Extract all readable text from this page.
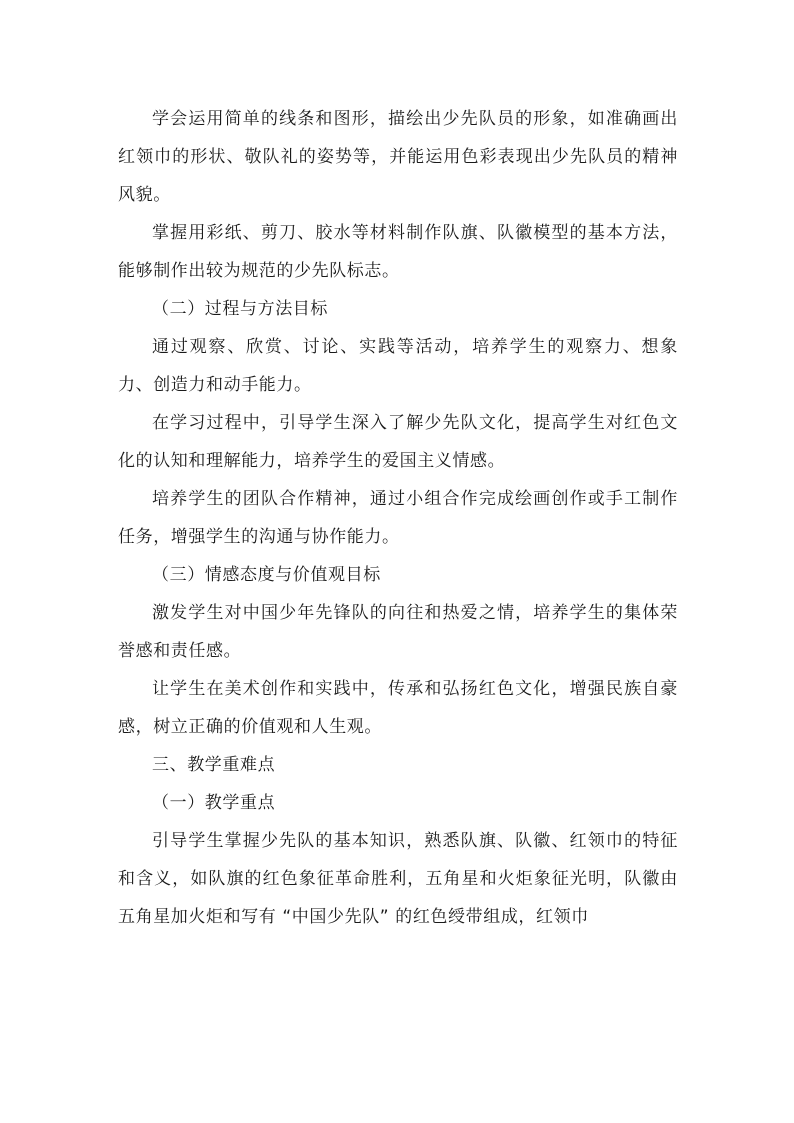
学会运用简单的线条和图形，描绘出少先队员的形象，如准确画出红领巾的形状、敬队礼的姿势等，并能运用色彩表现出少先队员的精神风貌。

掌握用彩纸、剪刀、胶水等材料制作队旗、队徽模型的基本方法，能够制作出较为规范的少先队标志。

（二）过程与方法目标

通过观察、欣赏、讨论、实践等活动，培养学生的观察力、想象力、创造力和动手能力。

在学习过程中，引导学生深入了解少先队文化，提高学生对红色文化的认知和理解能力，培养学生的爱国主义情感。

培养学生的团队合作精神，通过小组合作完成绘画创作或手工制作任务，增强学生的沟通与协作能力。

（三）情感态度与价值观目标

激发学生对中国少年先锋队的向往和热爱之情，培养学生的集体荣誉感和责任感。

让学生在美术创作和实践中，传承和弘扬红色文化，增强民族自豪感，树立正确的价值观和人生观。

三、教学重难点

（一）教学重点

引导学生掌握少先队的基本知识，熟悉队旗、队徽、红领巾的特征和含义，如队旗的红色象征革命胜利，五角星和火炬象征光明，队徽由五角星加火炬和写有 “中国少先队” 的红色绶带组成，红领巾
